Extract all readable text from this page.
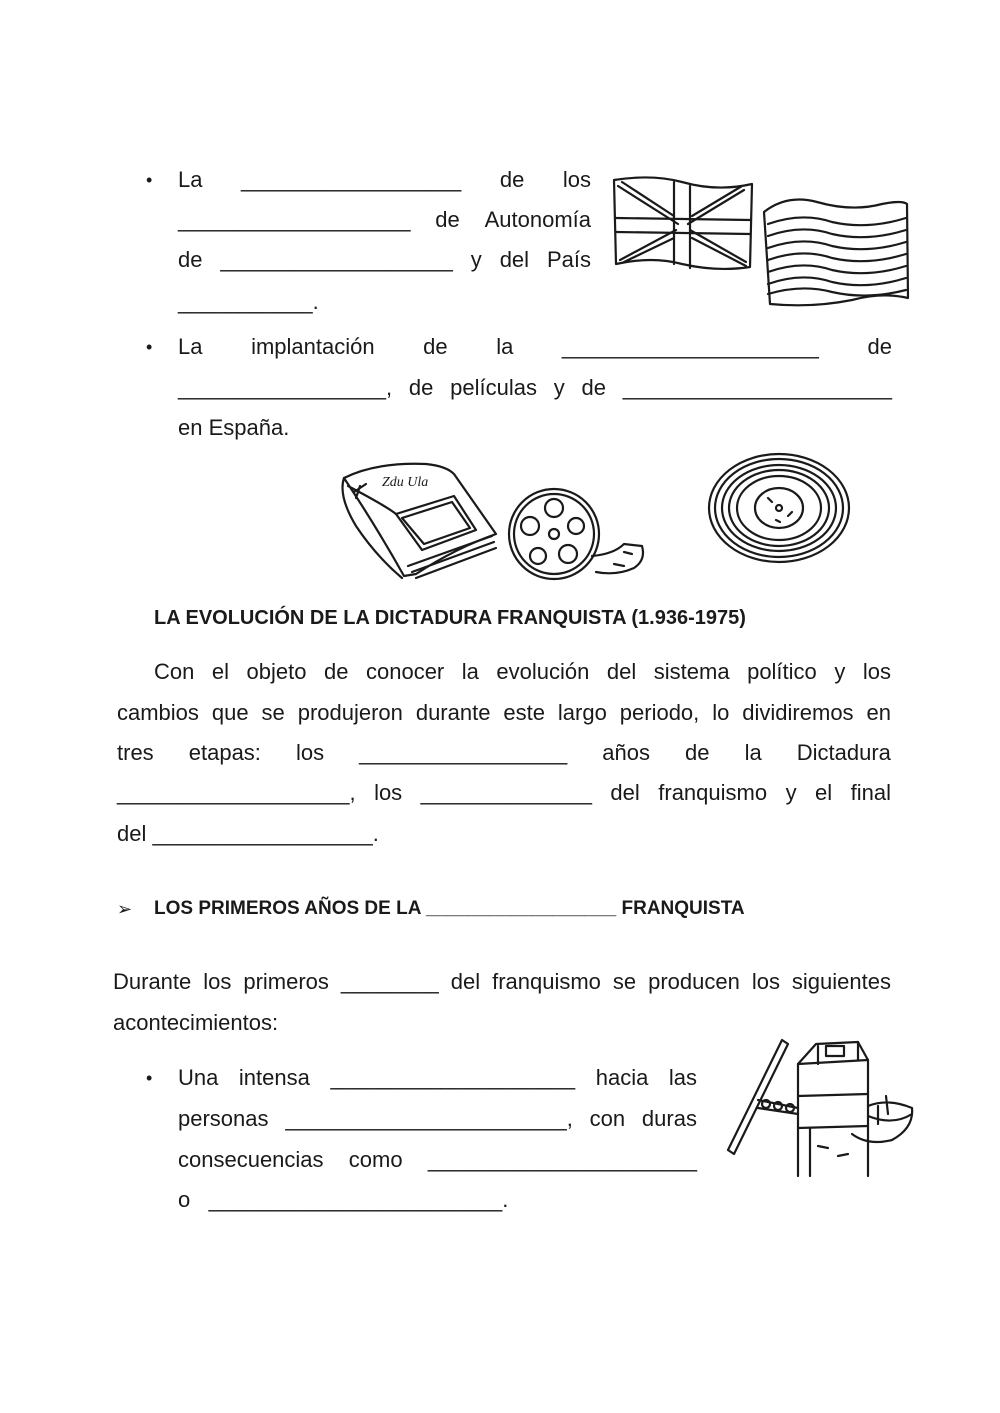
• La __________________ de los
___________________ de Autonomía
de ___________________ y del País
___________.
• La implantación de la _____________________ de
_________________, de películas y de ______________________
en España.
Zdu Ula
LA EVOLUCIÓN DE LA DICTADURA FRANQUISTA (1.936-1975)
Con el objeto de conocer la evolución del sistema político y los
cambios que se produjeron durante este largo periodo, lo dividiremos en
tres etapas: los _________________ años de la Dictadura
___________________, los ______________ del franquismo y el final
del __________________.
➢ LOS PRIMEROS AÑOS DE LA __________________ FRANQUISTA
Durante los primeros ________ del franquismo se producen los siguientes
acontecimientos:
• Una intensa ____________________ hacia las
personas _______________________, con duras
consecuencias como ______________________
o   ________________________.
